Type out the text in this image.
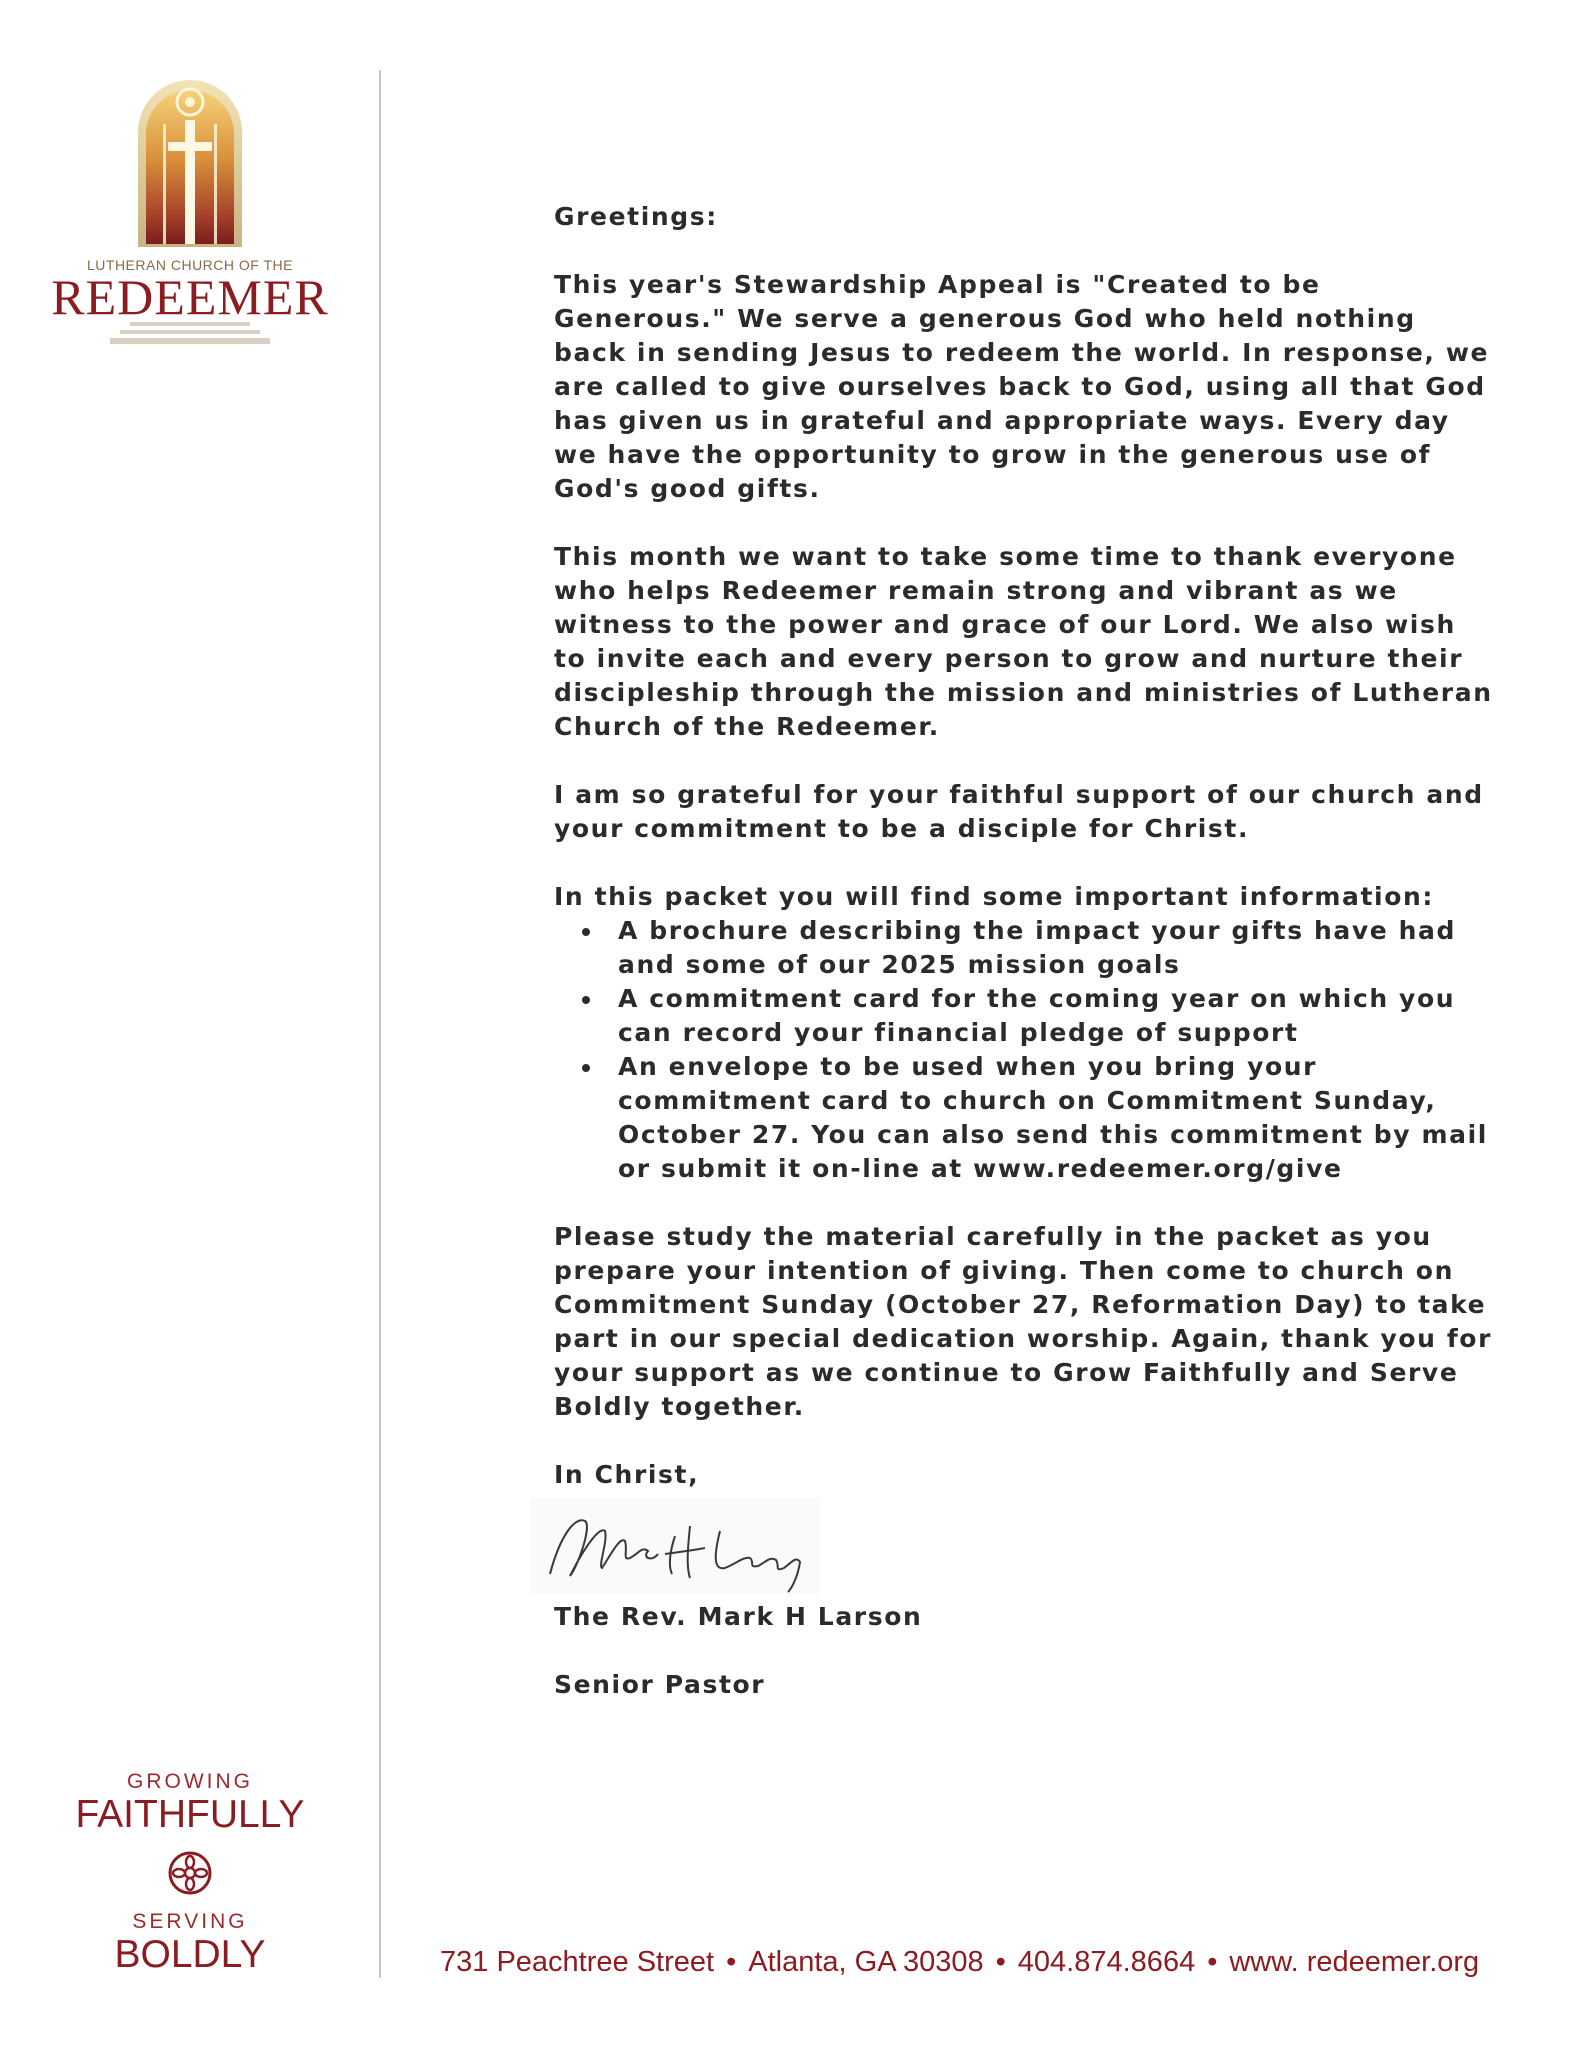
LUTHERAN CHURCH OF THE
REDEEMER

Greetings:

This year's Stewardship Appeal is "Created to be Generous." We serve a generous God who held nothing back in sending Jesus to redeem the world. In response, we are called to give ourselves back to God, using all that God has given us in grateful and appropriate ways. Every day we have the opportunity to grow in the generous use of God's good gifts.

This month we want to take some time to thank everyone who helps Redeemer remain strong and vibrant as we witness to the power and grace of our Lord. We also wish to invite each and every person to grow and nurture their discipleship through the mission and ministries of Lutheran Church of the Redeemer.

I am so grateful for your faithful support of our church and your commitment to be a disciple for Christ.

In this packet you will find some important information:

• A brochure describing the impact your gifts have had and some of our 2025 mission goals
• A commitment card for the coming year on which you can record your financial pledge of support
• An envelope to be used when you bring your commitment card to church on Commitment Sunday, October 27. You can also send this commitment by mail or submit it on-line at www.redeemer.org/give

Please study the material carefully in the packet as you prepare your intention of giving. Then come to church on Commitment Sunday (October 27, Reformation Day) to take part in our special dedication worship. Again, thank you for your support as we continue to Grow Faithfully and Serve Boldly together.

In Christ,

The Rev. Mark H Larson

Senior Pastor

GROWING
FAITHFULLY
SERVING
BOLDLY	731 Peachtree Street • Atlanta, GA 30308 • 404.874.8664 • www. redeemer.org
